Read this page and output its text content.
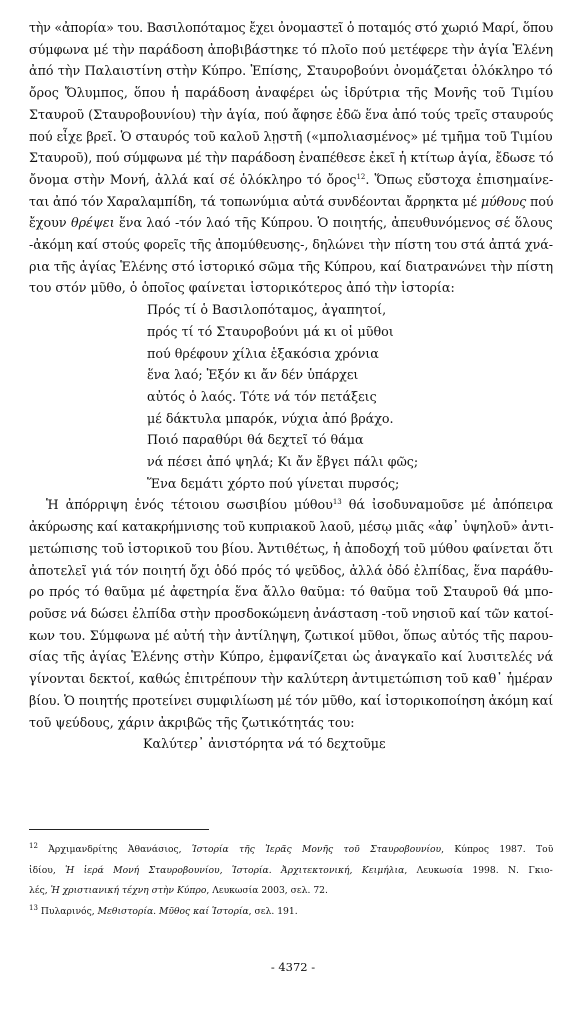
τὴν «ἀπορία» του. Βασιλοπόταμος ἔχει ὀνομαστεῖ ὁ ποταμός στό χωριό Μαρί, ὅπου
σύμφωνα μέ τὴν παράδοση ἀποβιβάστηκε τό πλοῖο πού μετέφερε τὴν ἁγία Ἑλένη
ἀπό τὴν Παλαιστίνη στὴν Κύπρο. Ἐπίσης, Σταυροβούνι ὀνομάζεται ὁλόκληρο τό
ὄρος Ὄλυμπος, ὅπου ἡ παράδοση ἀναφέρει ὡς ἱδρύτρια τῆς Μονῆς τοῦ Τιμίου
Σταυροῦ (Σταυροβουνίου) τὴν ἁγία, πού ἄφησε ἐδῶ ἕνα ἀπό τούς τρεῖς σταυρούς
πού εἶχε βρεῖ. Ὁ σταυρός τοῦ καλοῦ λῃστῆ («μπολιασμένος» μέ τμῆμα τοῦ Τιμίου
Σταυροῦ), πού σύμφωνα μέ τὴν παράδοση ἐναπέθεσε ἐκεῖ ἡ κτίτωρ ἁγία, ἔδωσε τό
ὄνομα στὴν Μονή, ἀλλά καί σέ ὁλόκληρο τό ὄρος$^{12}$. Ὅπως εὔστοχα ἐπισημαίνε-
ται ἀπό τόν Χαραλαμπίδη, τά τοπωνύμια αὐτά συνδέονται ἄρρηκτα μέ μύθους πού
ἔχουν θρέψει ἕνα λαό -τόν λαό τῆς Κύπρου. Ὁ ποιητής, ἀπευθυνόμενος σέ ὅλους
-ἀκόμη καί στούς φορεῖς τῆς ἀπομύθευσης-, δηλώνει τὴν πίστη του στά ἀπτά χνά-
ρια τῆς ἁγίας Ἑλένης στό ἱστορικό σῶμα τῆς Κύπρου, καί διατρανώνει τὴν πίστη
του στόν μῦθο, ὁ ὁποῖος φαίνεται ἱστορικότερος ἀπό τὴν ἱστορία:
Πρός τί ὁ Βασιλοπόταμος, ἀγαπητοί,
πρός τί τό Σταυροβούνι μά κι οἱ μῦθοι
πού θρέφουν χίλια ἑξακόσια χρόνια
ἕνα λαό; Ἐξόν κι ἄν δέν ὑπάρχει
αὐτός ὁ λαός. Τότε νά τόν πετάξεις
μέ δάκτυλα μπαρόκ, νύχια ἀπό βράχο.
Ποιό παραθύρι θά δεχτεῖ τό θάμα
νά πέσει ἀπό ψηλά; Κι ἄν ἔβγει πάλι φῶς;
Ἕνα δεμάτι χόρτο πού γίνεται πυρσός;
Ἡ ἀπόρριψη ἑνός τέτοιου σωσιβίου μύθου$^{13}$ θά ἰσοδυναμοῦσε μέ ἀπόπειρα
ἀκύρωσης καί κατακρήμνισης τοῦ κυπριακοῦ λαοῦ, μέσῳ μιᾶς «ἀφ᾽ ὑψηλοῦ» ἀντι-
μετώπισης τοῦ ἱστορικοῦ του βίου. Ἀντιθέτως, ἡ ἀποδοχή τοῦ μύθου φαίνεται ὅτι
ἀποτελεῖ γιά τόν ποιητή ὄχι ὁδό πρός τό ψεῦδος, ἀλλά ὁδό ἐλπίδας, ἕνα παράθυ-
ρο πρός τό θαῦμα μέ ἀφετηρία ἕνα ἄλλο θαῦμα: τό θαῦμα τοῦ Σταυροῦ θά μπο-
ροῦσε νά δώσει ἐλπίδα στὴν προσδοκώμενη ἀνάσταση -τοῦ νησιοῦ καί τῶν κατοί-
κων του. Σύμφωνα μέ αὐτή τὴν ἀντίληψη, ζωτικοί μῦθοι, ὅπως αὐτός τῆς παρου-
σίας τῆς ἁγίας Ἑλένης στὴν Κύπρο, ἐμφανίζεται ὡς ἀναγκαῖο καί λυσιτελές νά
γίνονται δεκτοί, καθώς ἐπιτρέπουν τὴν καλύτερη ἀντιμετώπιση τοῦ καθ᾽ ἡμέραν
βίου. Ὁ ποιητής προτείνει συμφιλίωση μέ τόν μῦθο, καί ἱστορικοποίηση ἀκόμη καί
τοῦ ψεύδους, χάριν ἀκριβῶς τῆς ζωτικότητάς του:
Καλύτερ᾽ ἀνιστόρητα νά τό δεχτοῦμε
$^{12}$ Ἀρχιμανδρίτης Ἀθανάσιος, Ἱστορία τῆς Ἱερᾶς Μονῆς τοῦ Σταυροβουνίου, Κύπρος 1987. Τοῦ
ἰδίου, Ἡ ἱερά Μονή Σταυροβουνίου, Ἱστορία. Ἀρχιτεκτονική, Κειμήλια, Λευκωσία 1998. Ν. Γκιο-
λές, Ἡ χριστιανική τέχνη στὴν Κύπρο, Λευκωσία 2003, σελ. 72.
$^{13}$ Πυλαρινός, Μεθιστορία. Μῦθος καί Ἱστορία, σελ. 191.
- 4372 -
